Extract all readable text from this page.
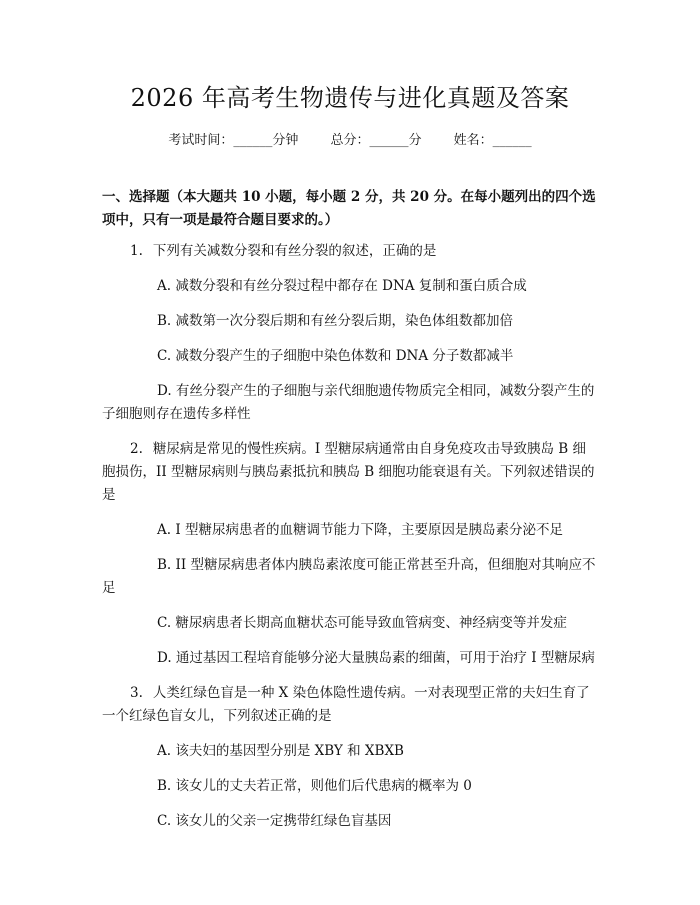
2026 年高考生物遗传与进化真题及答案
考试时间：______分钟 总分：______分 姓名：______
一、选择题（本大题共 10 小题，每小题 2 分，共 20 分。在每小题列出的四个选项中，只有一项是最符合题目要求的。）

1. 下列有关减数分裂和有丝分裂的叙述，正确的是

A. 减数分裂和有丝分裂过程中都存在 DNA 复制和蛋白质合成

B. 减数第一次分裂后期和有丝分裂后期，染色体组数都加倍

C. 减数分裂产生的子细胞中染色体数和 DNA 分子数都减半

D. 有丝分裂产生的子细胞与亲代细胞遗传物质完全相同，减数分裂产生的子细胞则存在遗传多样性

2. 糖尿病是常见的慢性疾病。I 型糖尿病通常由自身免疫攻击导致胰岛 B 细胞损伤，II 型糖尿病则与胰岛素抵抗和胰岛 B 细胞功能衰退有关。下列叙述错误的是

A. I 型糖尿病患者的血糖调节能力下降，主要原因是胰岛素分泌不足

B. II 型糖尿病患者体内胰岛素浓度可能正常甚至升高，但细胞对其响应不足

C. 糖尿病患者长期高血糖状态可能导致血管病变、神经病变等并发症

D. 通过基因工程培育能够分泌大量胰岛素的细菌，可用于治疗 I 型糖尿病

3. 人类红绿色盲是一种 X 染色体隐性遗传病。一对表现型正常的夫妇生育了一个红绿色盲女儿，下列叙述正确的是

A. 该夫妇的基因型分别是 XBY 和 XBXB

B. 该女儿的丈夫若正常，则他们后代患病的概率为 0

C. 该女儿的父亲一定携带红绿色盲基因
